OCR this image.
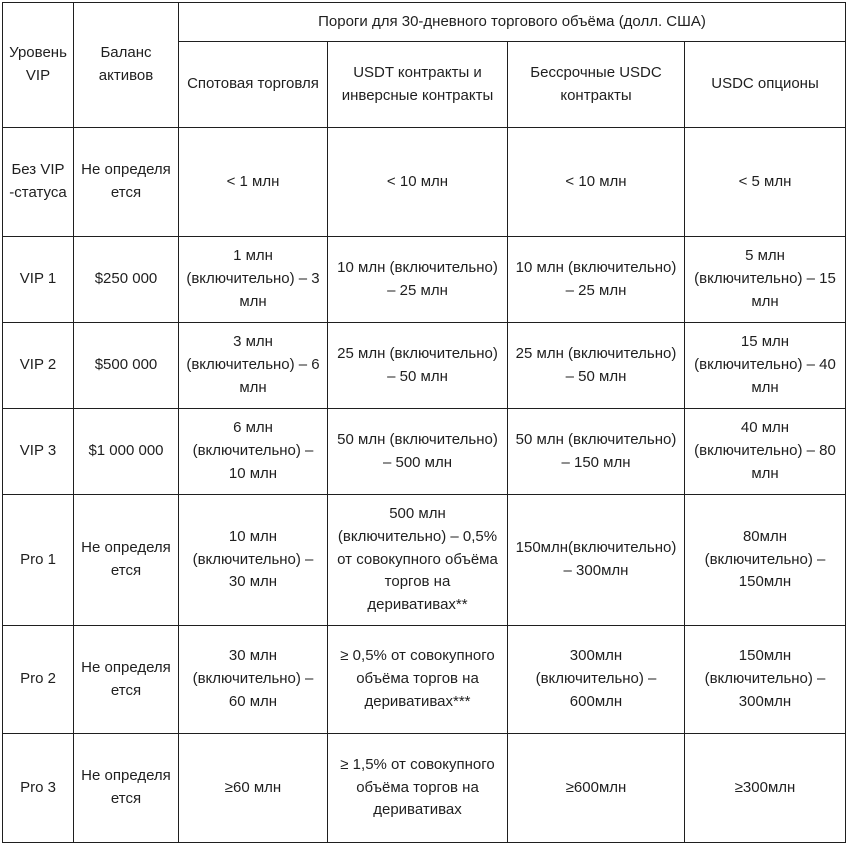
Уровень VIP	Баланс активов	Пороги для 30-дневного торгового объёма (долл. США)			
		Спотовая торговля	USDT контракты и инверсные контракты	Бессрочные USDC контракты	USDC опционы
Без VIP-статуса	Не определяется	< 1 млн	< 10 млн	< 10 млн	< 5 млн
VIP 1	$250 000	1 млн (включительно) – 3 млн	10 млн (включительно) – 25 млн	10 млн (включительно) – 25 млн	5 млн (включительно) – 15 млн
VIP 2	$500 000	3 млн (включительно) – 6 млн	25 млн (включительно) – 50 млн	25 млн (включительно) – 50 млн	15 млн (включительно) – 40 млн
VIP 3	$1 000 000	6 млн (включительно) – 10 млн	50 млн (включительно) – 500 млн	50 млн (включительно) – 150 млн	40 млн (включительно) – 80 млн
Pro 1	Не определяется	10 млн (включительно) – 30 млн	500 млн (включительно) – 0,5% от совокупного объёма торгов на деривативах**	150млн(включительно) – 300млн	80млн (включительно) – 150млн
Pro 2	Не определяется	30 млн (включительно) – 60 млн	≥ 0,5% от совокупного объёма торгов на деривативах***	300млн (включительно) – 600млн	150млн (включительно) – 300млн
Pro 3	Не определяется	≥60 млн	≥ 1,5% от совокупного объёма торгов на деривативах	≥600млн	≥300млн
